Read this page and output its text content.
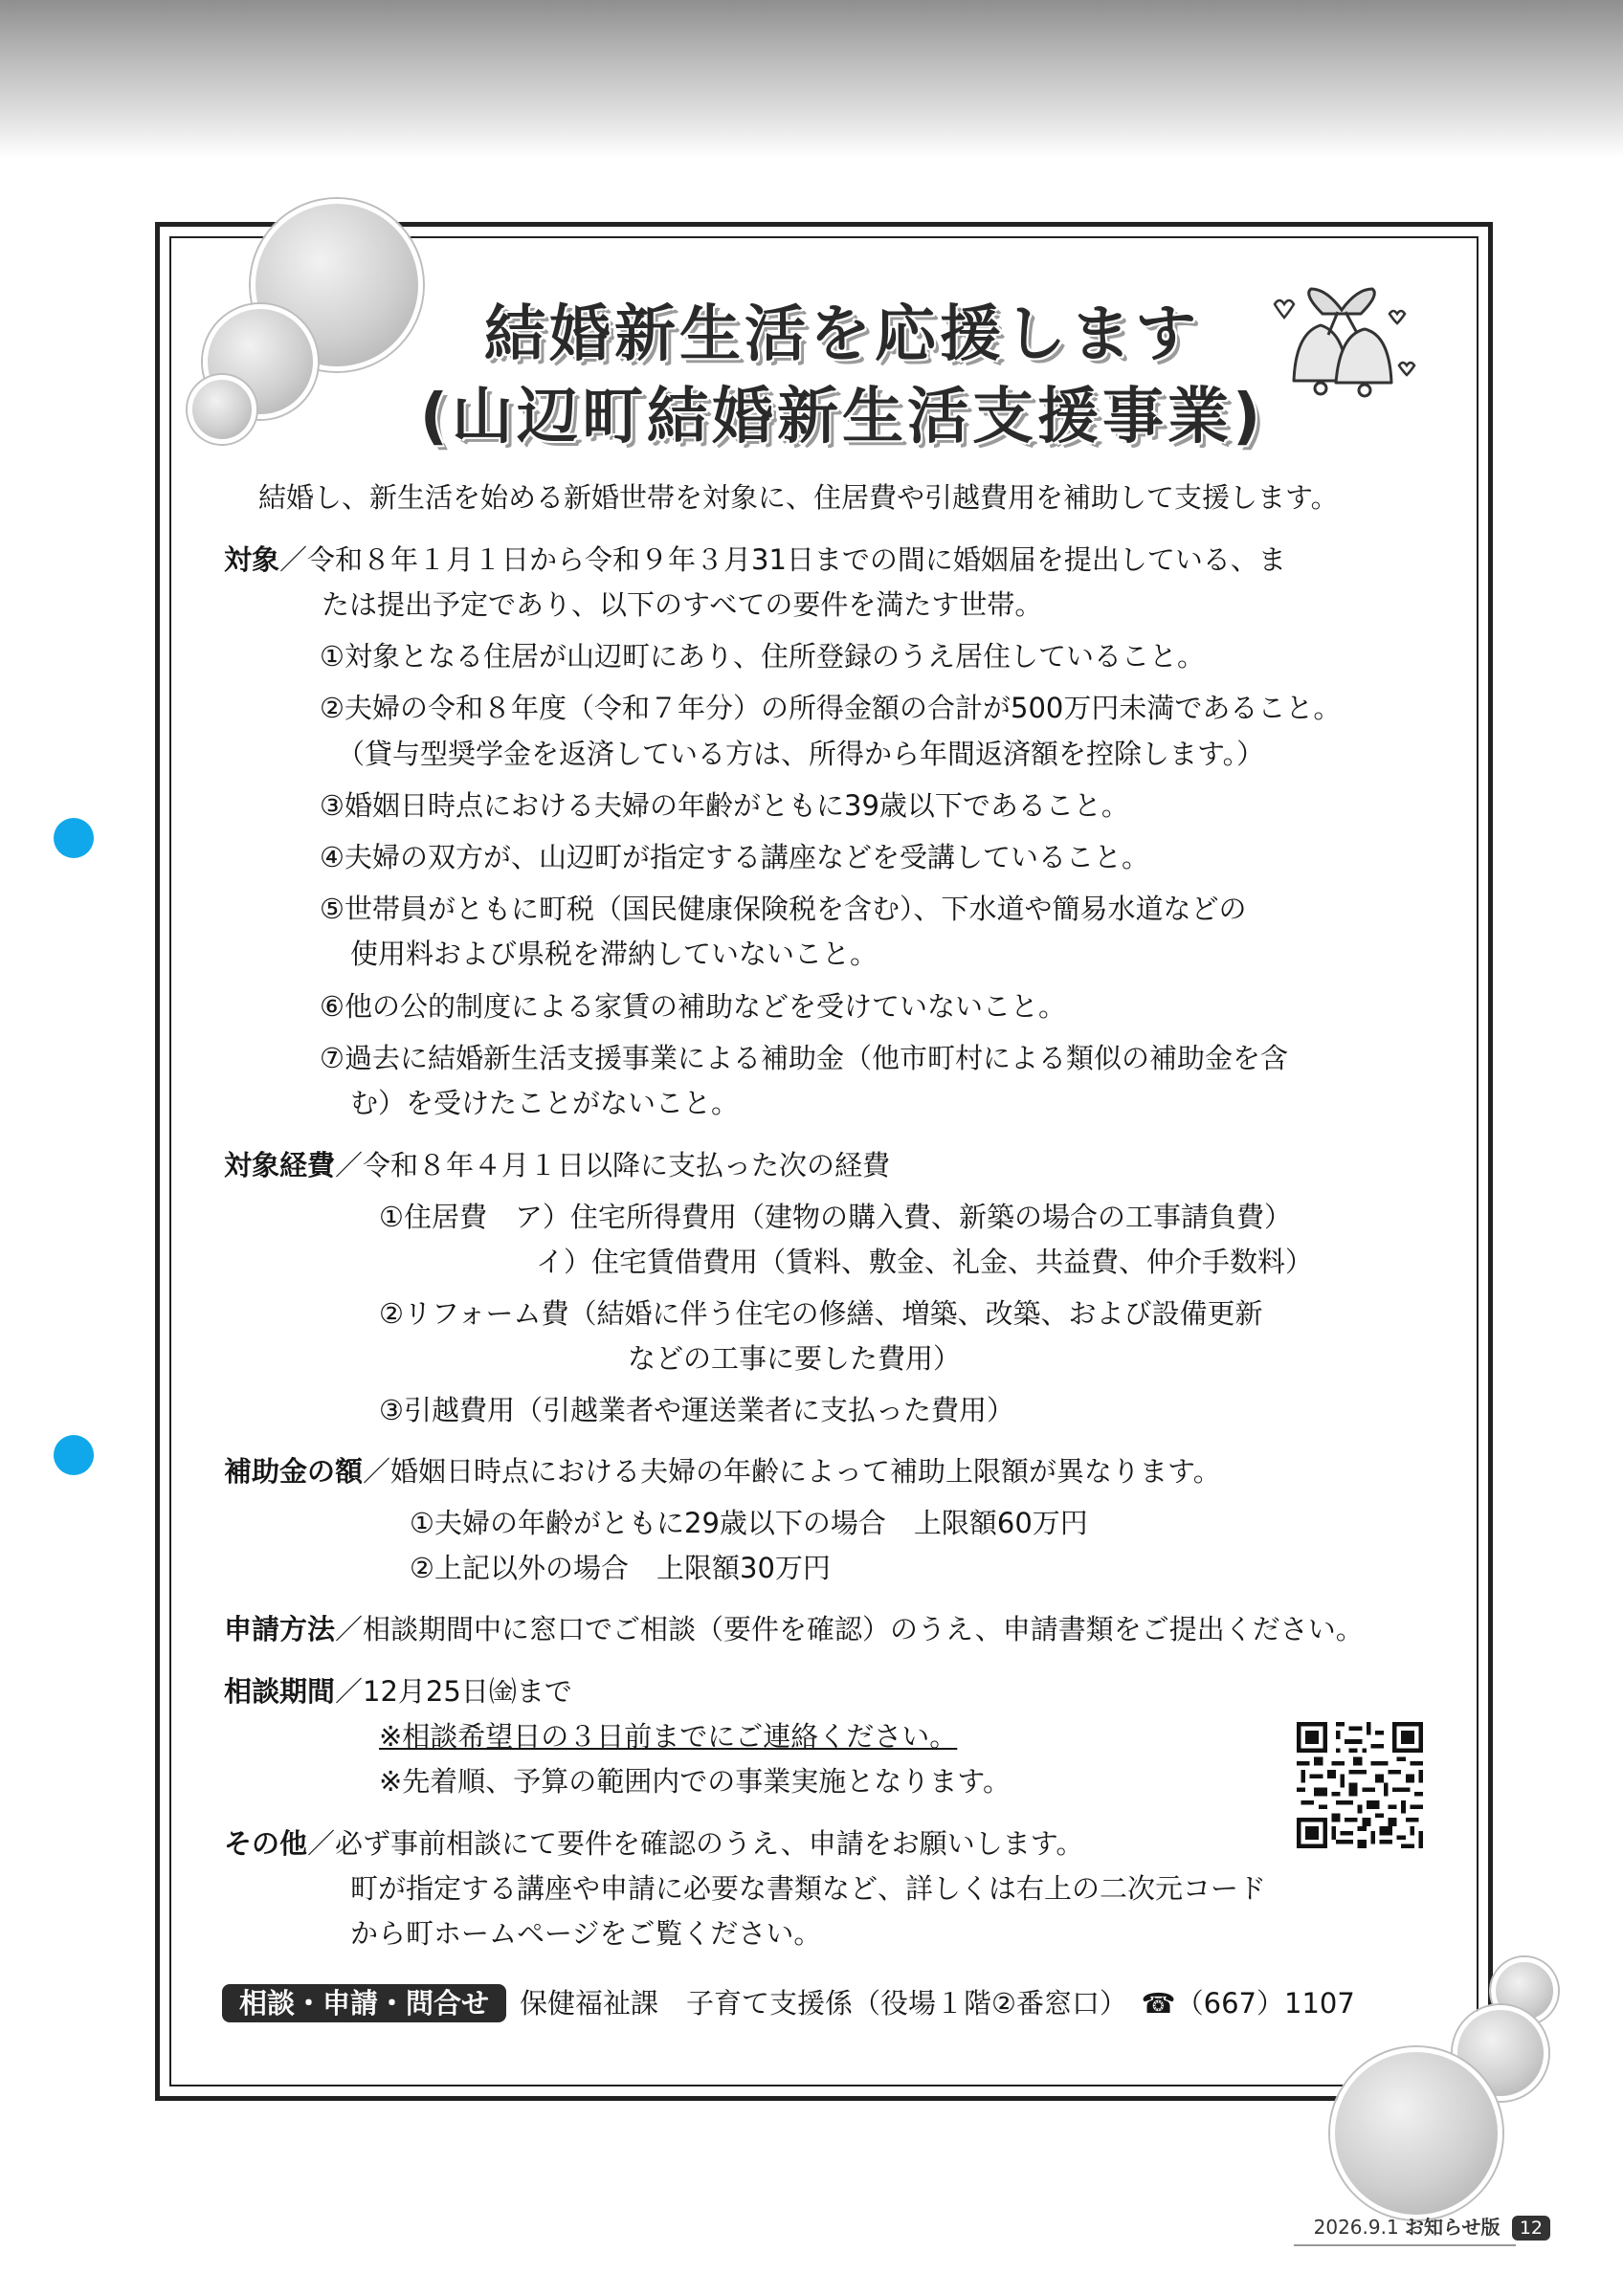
結婚新生活を応援します
(山辺町結婚新生活支援事業)
結婚し、新生活を始める新婚世帯を対象に、住居費や引越費用を補助して支援します。
対象／令和８年１月１日から令和９年３月31日までの間に婚姻届を提出している、ま
たは提出予定であり、以下のすべての要件を満たす世帯。
①対象となる住居が山辺町にあり、住所登録のうえ居住していること。
②夫婦の令和８年度（令和７年分）の所得金額の合計が500万円未満であること。
（貸与型奨学金を返済している方は、所得から年間返済額を控除します。）
③婚姻日時点における夫婦の年齢がともに39歳以下であること。
④夫婦の双方が、山辺町が指定する講座などを受講していること。
⑤世帯員がともに町税（国民健康保険税を含む）、下水道や簡易水道などの
使用料および県税を滞納していないこと。
⑥他の公的制度による家賃の補助などを受けていないこと。
⑦過去に結婚新生活支援事業による補助金（他市町村による類似の補助金を含
む）を受けたことがないこと。
対象経費／令和８年４月１日以降に支払った次の経費
①住居費　ア）住宅所得費用（建物の購入費、新築の場合の工事請負費）
イ）住宅賃借費用（賃料、敷金、礼金、共益費、仲介手数料）
②リフォーム費（結婚に伴う住宅の修繕、増築、改築、および設備更新
などの工事に要した費用）
③引越費用（引越業者や運送業者に支払った費用）
補助金の額／婚姻日時点における夫婦の年齢によって補助上限額が異なります。
①夫婦の年齢がともに29歳以下の場合　上限額60万円
②上記以外の場合　上限額30万円
申請方法／相談期間中に窓口でご相談（要件を確認）のうえ、申請書類をご提出ください。
相談期間／12月25日㈮まで
※相談希望日の３日前までにご連絡ください。
※先着順、予算の範囲内での事業実施となります。
その他／必ず事前相談にて要件を確認のうえ、申請をお願いします。
町が指定する講座や申請に必要な書類など、詳しくは右上の二次元コード
から町ホームページをご覧ください。
相談・申請・問合せ 保健福祉課　子育て支援係（役場１階②番窓口）　 ☎（667）1107
2026.9.1 お知らせ版 12
